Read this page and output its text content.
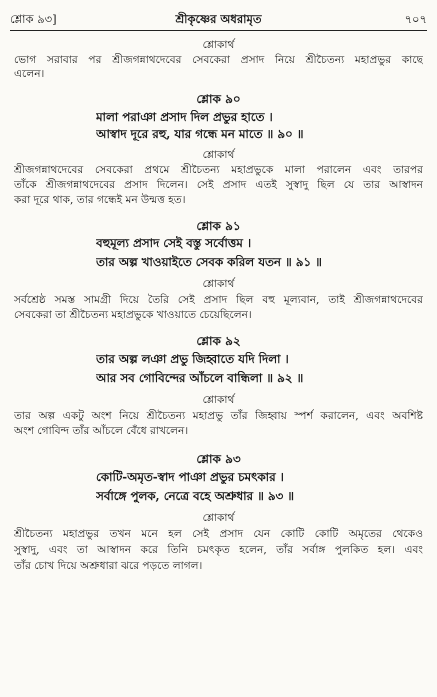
শ্লোক ৯৩]	শ্রীকৃষ্ণের অধরামৃত	৭০৭
শ্লোকার্থ
ভোগ সরাবার পর শ্রীজগন্নাথদেবের সেবকেরা প্রসাদ নিয়ে শ্রীচৈতন্য মহাপ্রভুর কাছে
এলেন।
শ্লোক ৯০
মালা পরাঞা প্রসাদ দিল প্রভুর হাতে ।
আস্বাদ দূরে রহু, যার গন্ধে মন মাতে ॥ ৯০ ॥
শ্লোকার্থ
শ্রীজগন্নাথদেবের সেবকেরা প্রথমে শ্রীচৈতন্য মহাপ্রভুকে মালা পরালেন এবং তারপর
তাঁকে শ্রীজগন্নাথদেবের প্রসাদ দিলেন। সেই প্রসাদ এতই সুস্বাদু ছিল যে তার আস্বাদন
করা দূরে থাক, তার গন্ধেই মন উন্মত্ত হত।
শ্লোক ৯১
বহুমূল্য প্রসাদ সেই বস্তু সর্বোত্তম ।
তার অল্প খাওয়াইতে সেবক করিল যতন ॥ ৯১ ॥
শ্লোকার্থ
সর্বশ্রেষ্ঠ সমস্ত সামগ্রী দিয়ে তৈরি সেই প্রসাদ ছিল বহু মূল্যবান, তাই শ্রীজগন্নাথদেবের
সেবকেরা তা শ্রীচৈতন্য মহাপ্রভুকে খাওয়াতে চেয়েছিলেন।
শ্লোক ৯২
তার অল্প লঞা প্রভু জিহ্বাতে যদি দিলা ।
আর সব গোবিন্দের আঁচলে বান্ধিলা ॥ ৯২ ॥
শ্লোকার্থ
তার অল্প একটু অংশ নিয়ে শ্রীচৈতন্য মহাপ্রভু তাঁর জিহ্বায় স্পর্শ করালেন, এবং অবশিষ্ট
অংশ গোবিন্দ তাঁর আঁচলে বেঁধে রাখলেন।
শ্লোক ৯৩
কোটি-অমৃত-স্বাদ পাঞা প্রভুর চমৎকার ।
সর্বাঙ্গে পুলক, নেত্রে বহে অশ্রুধার ॥ ৯৩ ॥
শ্লোকার্থ
শ্রীচৈতন্য মহাপ্রভুর তখন মনে হল সেই প্রসাদ যেন কোটি কোটি অমৃতের থেকেও
সুস্বাদু, এবং তা আস্বাদন করে তিনি চমৎকৃত হলেন, তাঁর সর্বাঙ্গ পুলকিত হল। এবং
তাঁর চোখ দিয়ে অশ্রুধারা ঝরে পড়তে লাগল।
